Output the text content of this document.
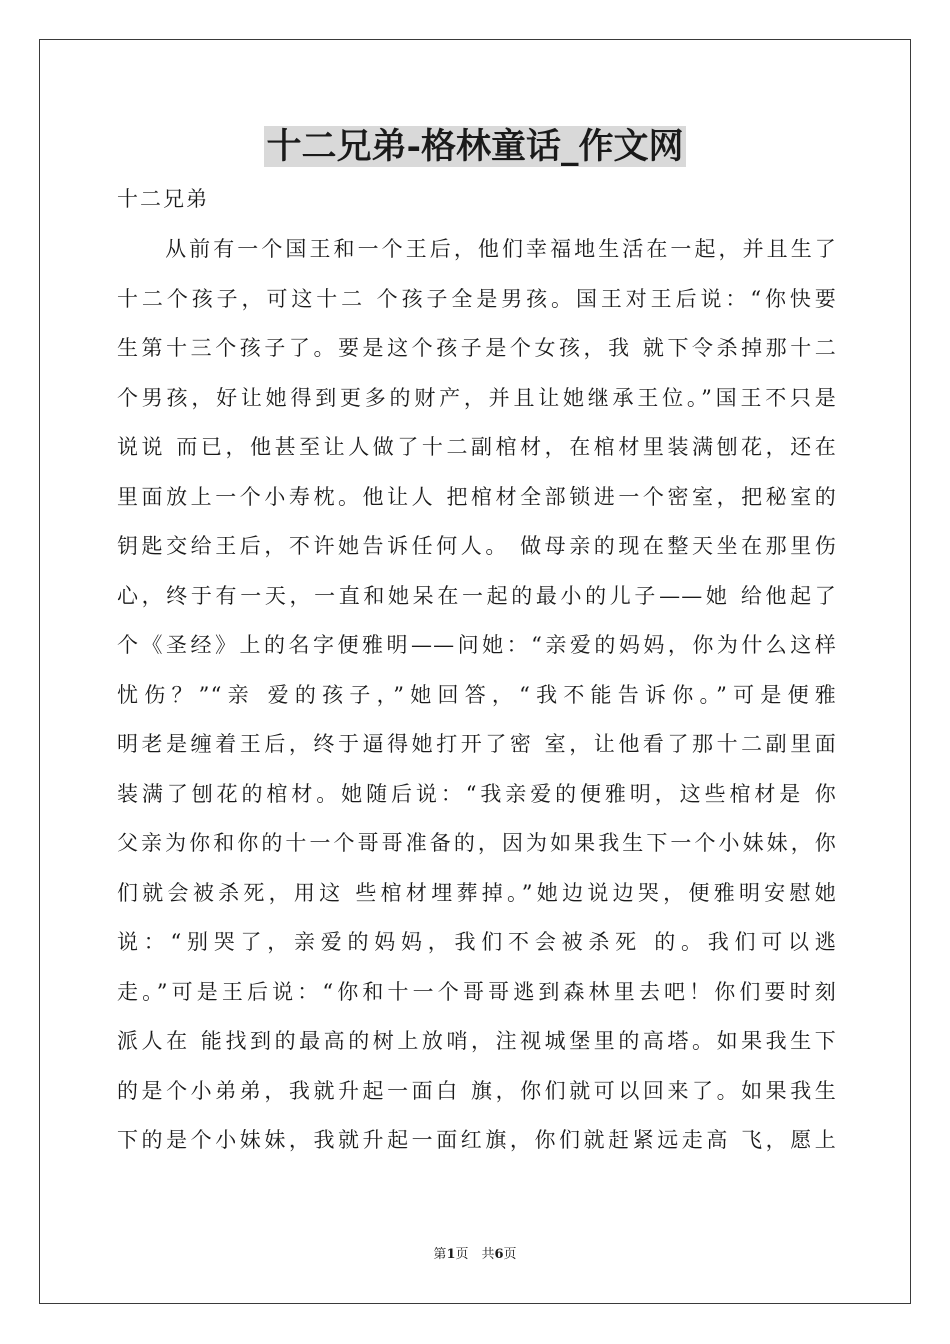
十二兄弟-格林童话_作文网
十二兄弟
　　从前有一个国王和一个王后，他们幸福地生活在一起，并且生了
十二个孩子，可这十二 个孩子全是男孩。国王对王后说：“你快要
生第十三个孩子了。要是这个孩子是个女孩，我 就下令杀掉那十二
个男孩，好让她得到更多的财产，并且让她继承王位。”国王不只是
说说 而已，他甚至让人做了十二副棺材，在棺材里装满刨花，还在
里面放上一个小寿枕。他让人 把棺材全部锁进一个密室，把秘室的
钥匙交给王后，不许她告诉任何人。 做母亲的现在整天坐在那里伤
心，终于有一天，一直和她呆在一起的最小的儿子——她 给他起了
个《圣经》上的名字便雅明——问她：“亲爱的妈妈，你为什么这样
忧伤？”“亲 爱的孩子，”她回答，“我不能告诉你。”可是便雅
明老是缠着王后，终于逼得她打开了密 室，让他看了那十二副里面
装满了刨花的棺材。她随后说：“我亲爱的便雅明，这些棺材是 你
父亲为你和你的十一个哥哥准备的，因为如果我生下一个小妹妹，你
们就会被杀死，用这 些棺材埋葬掉。”她边说边哭，便雅明安慰她
说：“别哭了，亲爱的妈妈，我们不会被杀死 的。我们可以逃
走。”可是王后说：“你和十一个哥哥逃到森林里去吧！你们要时刻
派人在 能找到的最高的树上放哨，注视城堡里的高塔。如果我生下
的是个小弟弟，我就升起一面白 旗，你们就可以回来了。如果我生
下的是个小妹妹，我就升起一面红旗，你们就赶紧远走高 飞，愿上
第1页　共6页
